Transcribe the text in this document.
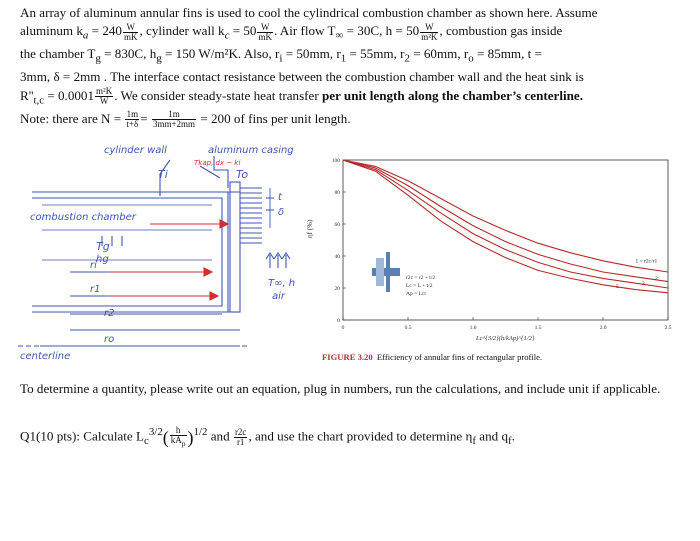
An array of aluminum annular fins is used to cool the cylindrical combustion chamber as shown here. Assume

aluminum $k_a = 240 \frac{W}{mK}$ , cylinder wall $k_c = 50 \frac{W}{mK}$ . Air flow $T_\infty = 30C$, $h = 50 \frac{W}{\text{m²K}}$ , combustion gas inside

the chamber $T_g = 830C$, $h_g = 150$ W/m²K. Also, $r_i = 50mm$, $r_1 = 55mm$, $r_2 = 60mm$, $r_o = 85mm$, t =

3mm, δ = 2mm . The interface contact resistance between the combustion chamber wall and the heat sink is

$R''_{t,c} = 0.0001 \frac{\text{m²K}}{W}$ . We consider steady-state heat transfer per unit length along the chamber’s centerline.

Note: there are $N = \frac{1m}{t+\delta} = \frac{1m}{3mm+2mm} = 200$ of fins per unit length.

cylinder wall	aluminum casing
Tkap, dx ~ ki
Ti	To
combustion chamber
Tg
hg
t
δ
ri
r1
r2
ro
T∞, h
air
centerline
ηf (%)
Lc^{3/2}(h/kAp)^{1/2}
0
20
40
60
80
100
0	0.5	1.0	1.5	2.0	2.5
1 = r2c/r1
2
3
5
r2c = r2 + t/2
Lc = L + t/2
Ap = Lct
FIGURE 3.20 Efficiency of annular fins of rectangular profile.
To determine a quantity, please write out an equation, plug in numbers, run the calculations, and include unit if applicable.
Q1(10 pts): Calculate $L_c^{3/2}( \frac{h}{kA_p} )^{1/2}$ and $\frac{r2c}{r1}$ , and use the chart provided to determine $\eta_f$ and $q_f$.
